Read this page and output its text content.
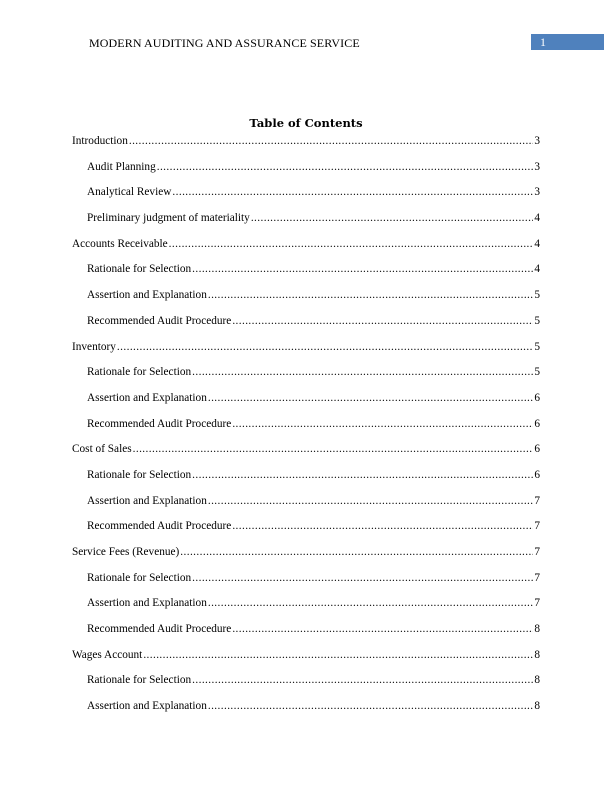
MODERN AUDITING AND ASSURANCE SERVICE	1
Table of Contents
Introduction .....	3
Audit Planning .....	3
Analytical Review .....	3
Preliminary judgment of materiality .....	4
Accounts Receivable .....	4
Rationale for Selection .....	4
Assertion and Explanation .....	5
Recommended Audit Procedure .....	5
Inventory .....	5
Rationale for Selection .....	5
Assertion and Explanation .....	6
Recommended Audit Procedure .....	6
Cost of Sales .....	6
Rationale for Selection .....	6
Assertion and Explanation .....	7
Recommended Audit Procedure .....	7
Service Fees (Revenue) .....	7
Rationale for Selection .....	7
Assertion and Explanation .....	7
Recommended Audit Procedure .....	8
Wages Account .....	8
Rationale for Selection .....	8
Assertion and Explanation .....	8
